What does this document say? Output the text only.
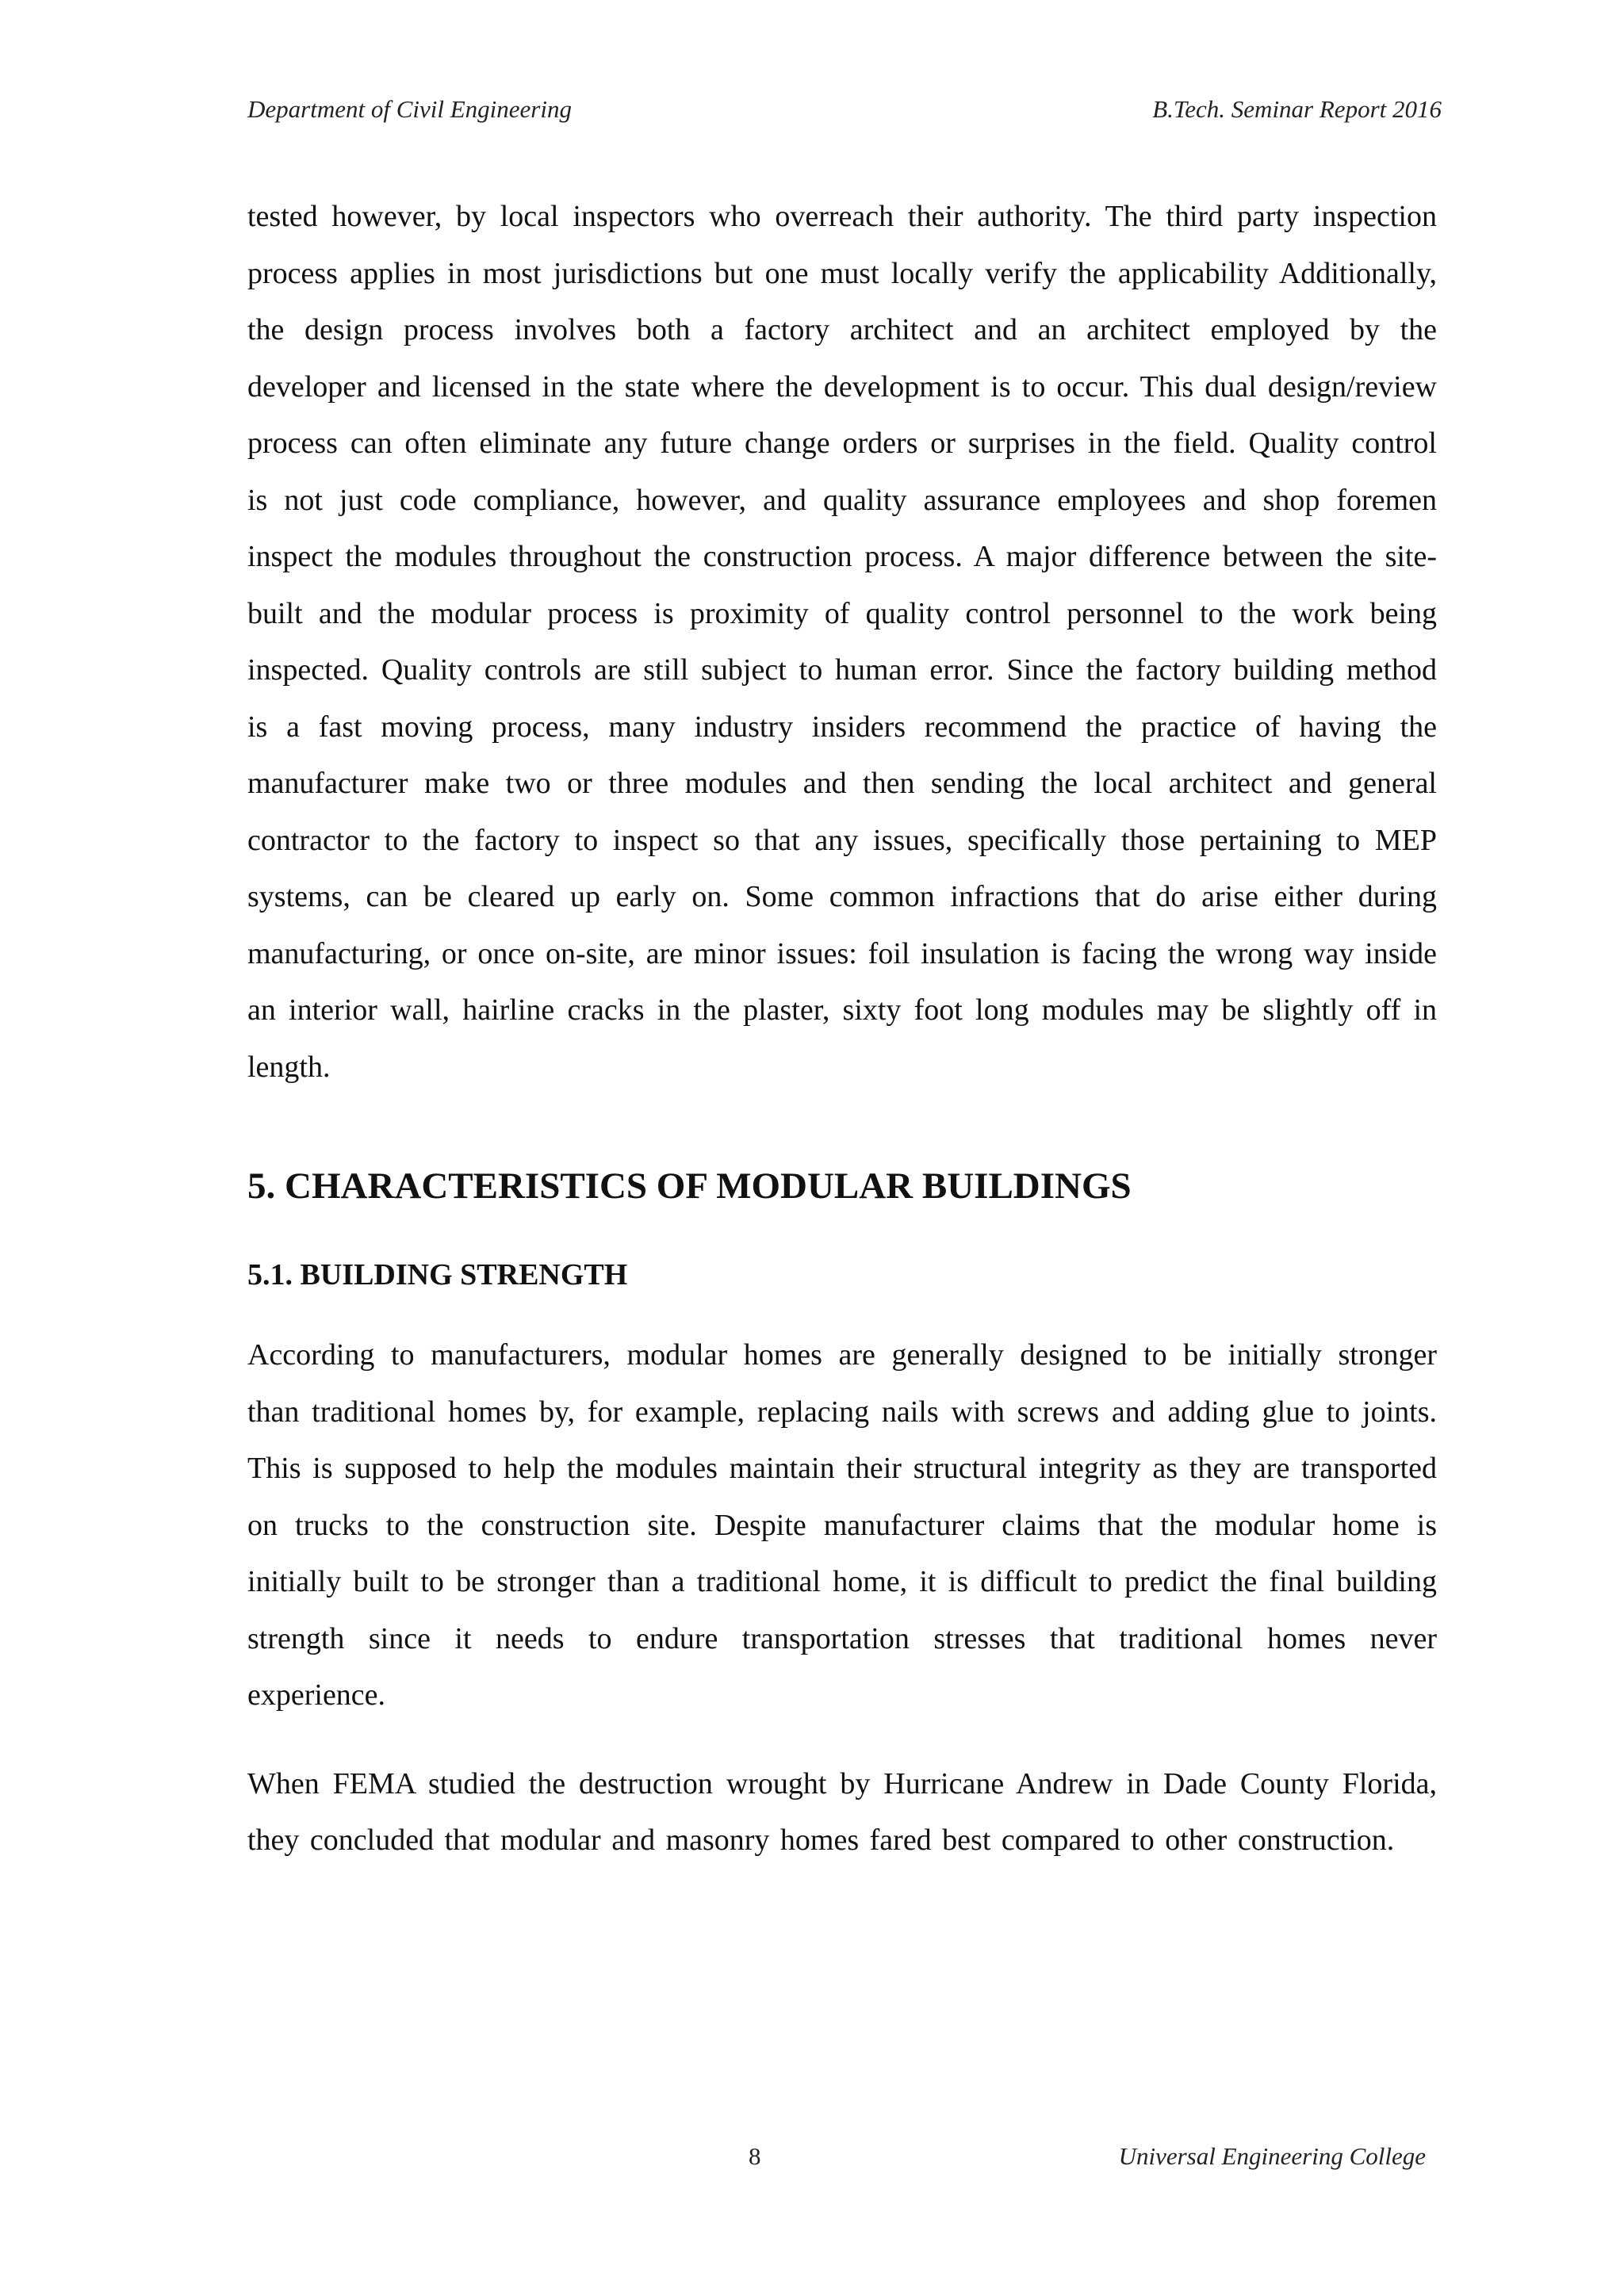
Department of Civil Engineering	B.Tech. Seminar Report 2016

tested however, by local inspectors who overreach their authority. The third party inspection process applies in most jurisdictions but one must locally verify the applicability Additionally, the design process involves both a factory architect and an architect employed by the developer and licensed in the state where the development is to occur. This dual design/review process can often eliminate any future change orders or surprises in the field. Quality control is not just code compliance, however, and quality assurance employees and shop foremen inspect the modules throughout the construction process. A major difference between the site-built and the modular process is proximity of quality control personnel to the work being inspected. Quality controls are still subject to human error. Since the factory building method is a fast moving process, many industry insiders recommend the practice of having the manufacturer make two or three modules and then sending the local architect and general contractor to the factory to inspect so that any issues, specifically those pertaining to MEP systems, can be cleared up early on. Some common infractions that do arise either during manufacturing, or once on-site, are minor issues: foil insulation is facing the wrong way inside an interior wall, hairline cracks in the plaster, sixty foot long modules may be slightly off in length.

5. CHARACTERISTICS OF MODULAR BUILDINGS
5.1. BUILDING STRENGTH

According to manufacturers, modular homes are generally designed to be initially stronger than traditional homes by, for example, replacing nails with screws and adding glue to joints. This is supposed to help the modules maintain their structural integrity as they are transported on trucks to the construction site. Despite manufacturer claims that the modular home is initially built to be stronger than a traditional home, it is difficult to predict the final building strength since it needs to endure transportation stresses that traditional homes never experience.

When FEMA studied the destruction wrought by Hurricane Andrew in Dade County Florida, they concluded that modular and masonry homes fared best compared to other construction.

8	Universal Engineering College
